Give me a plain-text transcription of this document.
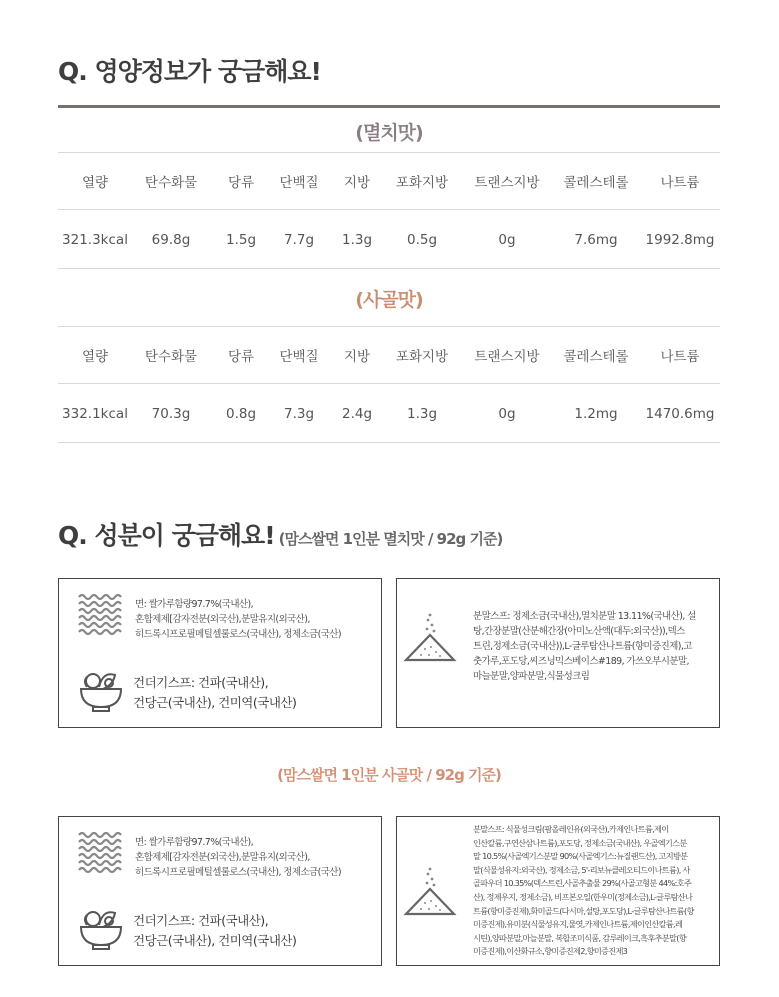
Q. 영양정보가 궁금해요!
(멸치맛)
열량	탄수화물 당류 단백질 지방 포화지방 트랜스지방 콜레스테롤 나트륨
321.3kcal 69.8g	1.5g 7.7g 1.3g	0.5g	0g	7.6mg 1992.8mg
(사골맛)
열량	탄수화물 당류 단백질 지방 포화지방 트랜스지방 콜레스테롤 나트륨
332.1kcal 70.3g	0.8g 7.3g 2.4g	1.3g	0g	1.2mg 1470.6mg
Q. 성분이 궁금해요! (맘스쌀면 1인분 멸치맛 / 92g 기준)
면: 쌀가루함량97.7%(국내산),
혼합제제[감자전분(외국산),분말유지(외국산),
히드록시프로필메틸셀룰로스(국내산), 정제소금(국산)
건더기스프: 건파(국내산),
건당근(국내산), 건미역(국내산)
분말스프: 정제소금(국내산),멸치분말 13.11%(국내산), 설
탕,간장분말(산분해간장(아미노산액(대두:외국산)),덱스
트린,정제소금(국내산)),L-글루탐산나트륨(향미증진제),고
춧가루,포도당,씨즈닝믹스베이스#189, 가쓰오부시분말,
마늘분말,양파분말,식물성크림
(맘스쌀면 1인분 사골맛 / 92g 기준)
면: 쌀가루함량97.7%(국내산),
혼합제제[감자전분(외국산),분말유지(외국산),
히드록시프로필메틸셀룰로스(국내산), 정제소금(국산)
건더기스프: 건파(국내산),
건당근(국내산), 건미역(국내산)
분말스프: 식물성크림(팜올레인유(외국산),카제인나트륨,제이
인산칼륨,구연산삼나트륨),포도당, 정제소금(국내산), 우골엑기스분
말 10.5%(사골엑기스분말 90%(사골엑기스:뉴질랜드산), 고지방분
말(식물성유지:외국산), 정제소금, 5'-리보뉴클레오티드이나트륨), 사
골파우더 10.35%(덱스트린,사골추출물 29%(사골고형분 44%:호주
산), 정제우지, 정제소금), 비프본오일(한우미(정제소금),L-글루탐산나
트륨(향미증진제),화미골드(다시마,설탕,포도당),L-글루탐산나트륨(향
미증진제),유미분(식물성유지,물엿,카제인나트륨,제이인산칼륨,레
시틴),양파분말,마늘분말, 복합조미식품, 감루레이크,흑후추분말(향
미증진제),이산화규소,향미증진제2,향미증진제3
